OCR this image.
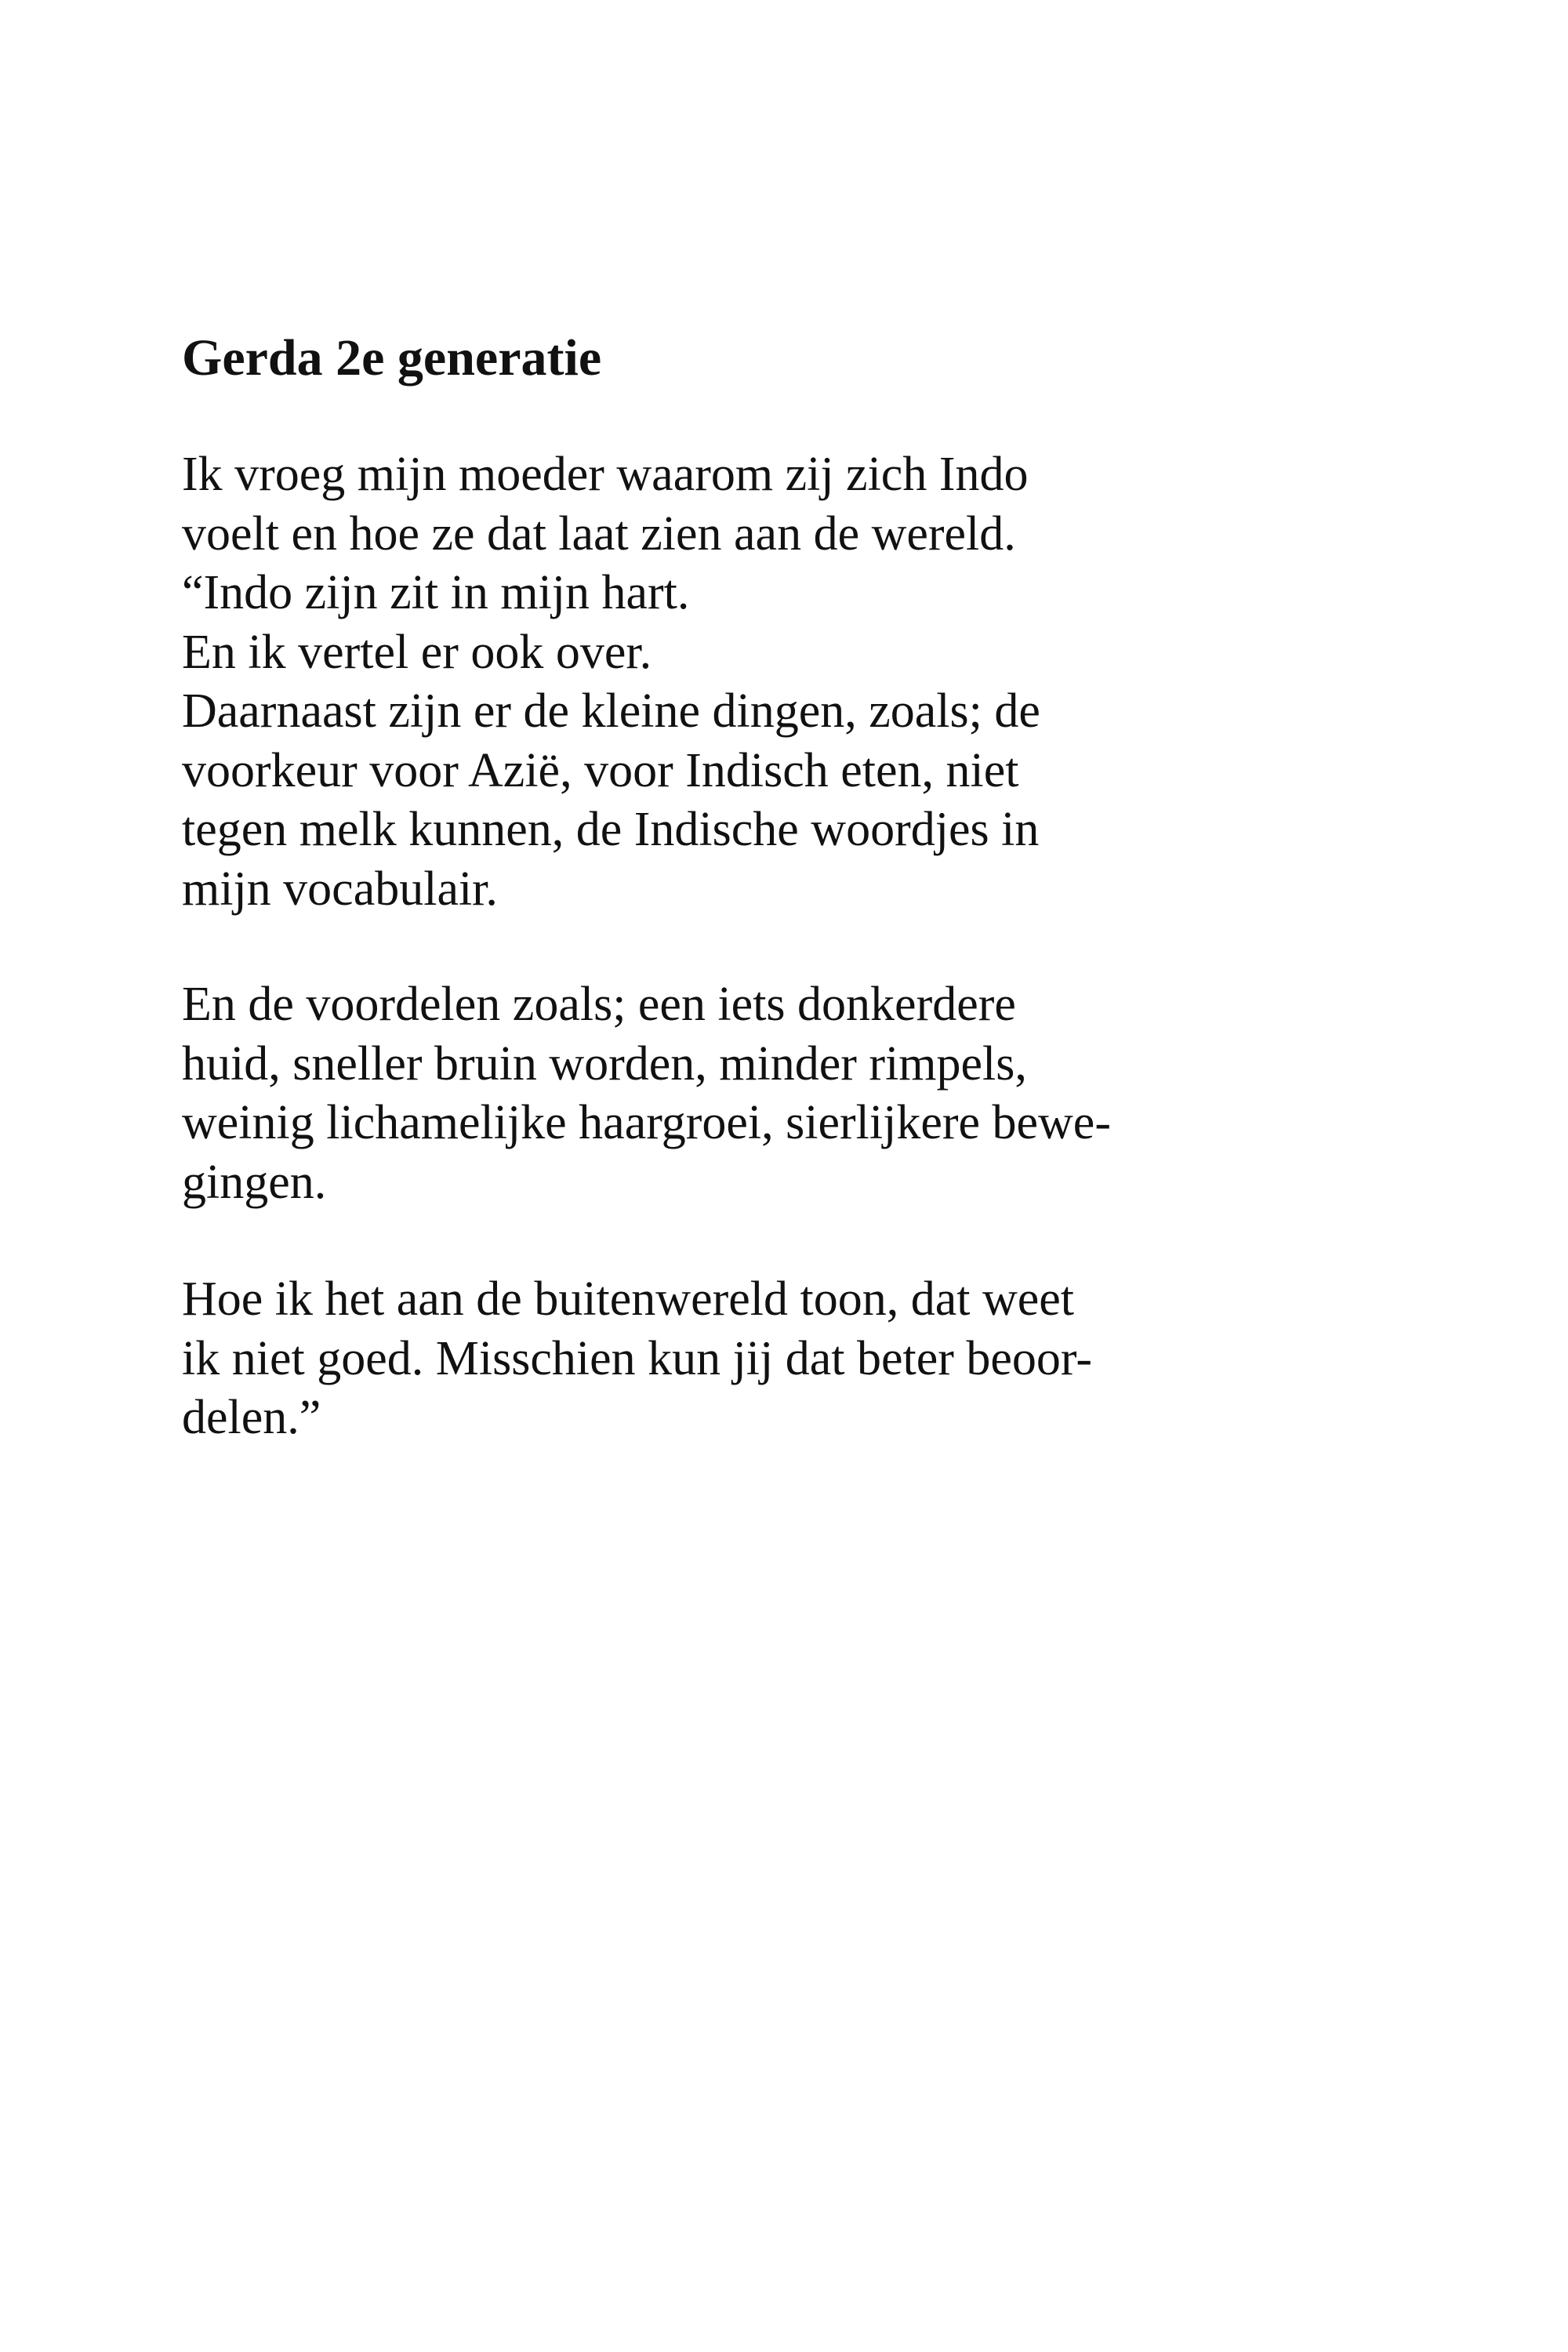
Gerda 2e generatie
Ik vroeg mijn moeder waarom zij zich Indo
voelt en hoe ze dat laat zien aan de wereld.
“Indo zijn zit in mijn hart.
En ik vertel er ook over.
Daarnaast zijn er de kleine dingen, zoals; de
voorkeur voor Azië, voor Indisch eten, niet
tegen melk kunnen, de Indische woordjes in
mijn vocabulair.
En de voordelen zoals; een iets donkerdere
huid, sneller bruin worden, minder rimpels,
weinig lichamelijke haargroei, sierlijkere bewe-
gingen.
Hoe ik het aan de buitenwereld toon, dat weet
ik niet goed. Misschien kun jij dat beter beoor-
delen.”
